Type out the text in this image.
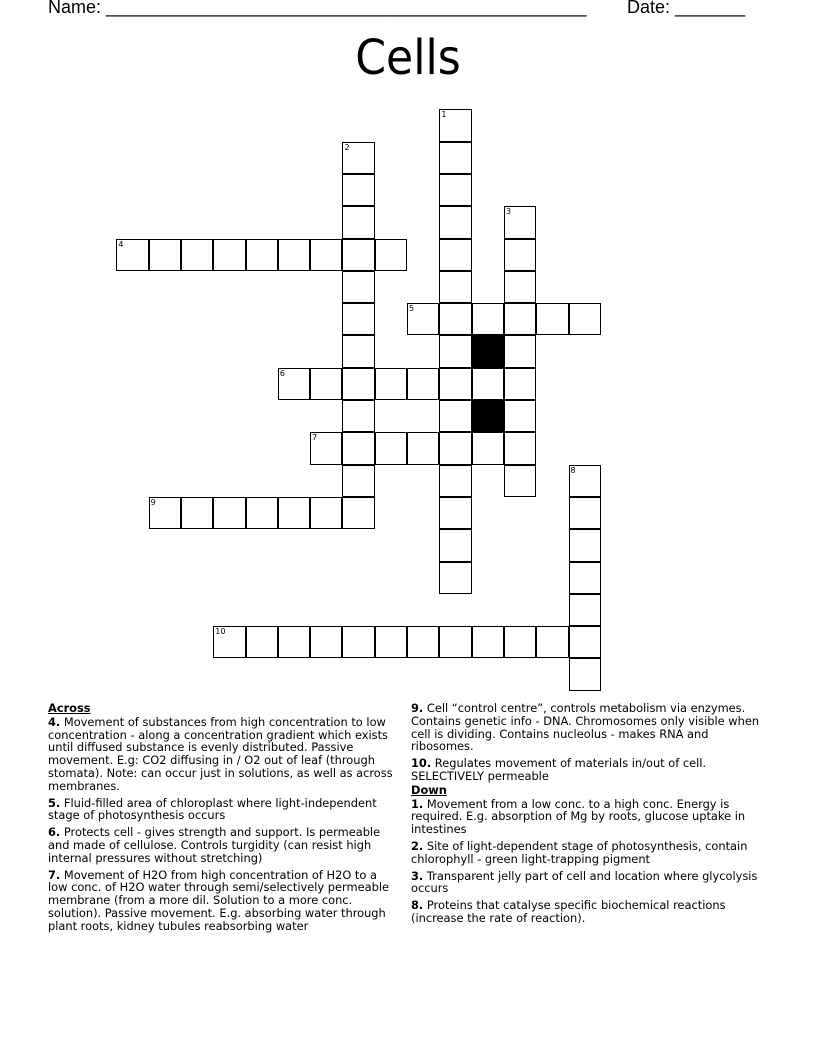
Name: ________________________________________________ Date: _______
Cells
1
2
3
4
5
6
7
8
9
10
Across

4. Movement of substances from high concentration to low concentration - along a concentration gradient which exists until diffused substance is evenly distributed. Passive movement. E.g: CO2 diffusing in / O2 out of leaf (through stomata). Note: can occur just in solutions, as well as across membranes.

5. Fluid-filled area of chloroplast where light-independent stage of photosynthesis occurs

6. Protects cell - gives strength and support. Is permeable and made of cellulose. Controls turgidity (can resist high internal pressures without stretching)

7. Movement of H2O from high concentration of H2O to a low conc. of H2O water through semi/selectively permeable membrane (from a more dil. Solution to a more conc. solution). Passive movement. E.g. absorbing water through plant roots, kidney tubules reabsorbing water

9. Cell “control centre”, controls metabolism via enzymes. Contains genetic info - DNA. Chromosomes only visible when cell is dividing. Contains nucleolus - makes RNA and ribosomes.

10. Regulates movement of materials in/out of cell. SELECTIVELY permeable

Down

1. Movement from a low conc. to a high conc. Energy is required. E.g. absorption of Mg by roots, glucose uptake in intestines

2. Site of light-dependent stage of photosynthesis, contain chlorophyll - green light-trapping pigment

3. Transparent jelly part of cell and location where glycolysis occurs

8. Proteins that catalyse specific biochemical reactions (increase the rate of reaction).
